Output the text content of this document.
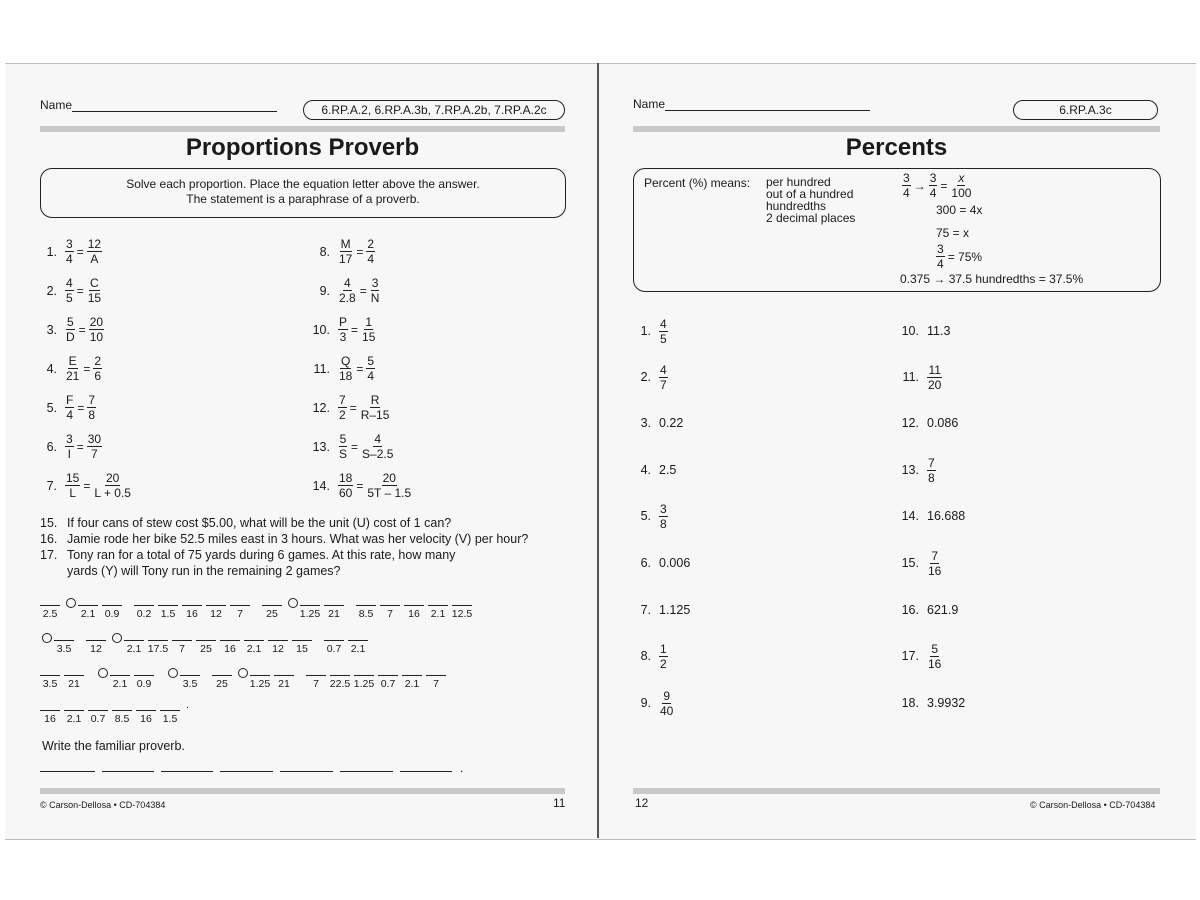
Name	6.RP.A.2, 6.RP.A.3b, 7.RP.A.2b, 7.RP.A.2c
Proportions Proverb
Solve each proportion. Place the equation letter above the answer.
The statement is a paraphrase of a proverb.
1. $\frac{3}{4} = \frac{12}{A}$
2. $\frac{4}{5} = \frac{C}{15}$
3. $\frac{5}{D} = \frac{20}{10}$
4. $\frac{E}{21} = \frac{2}{6}$
5. $\frac{F}{4} = \frac{7}{8}$
6. $\frac{3}{I} = \frac{30}{7}$
7. $\frac{15}{L} = \frac{20}{L + 0.5}$
8. $\frac{M}{17} = \frac{2}{4}$
9. $\frac{4}{2.8} = \frac{3}{N}$
10. $\frac{P}{3} = \frac{1}{15}$
11. $\frac{Q}{18} = \frac{5}{4}$
12. $\frac{7}{2} = \frac{R}{R-15}$
13. $\frac{5}{S} = \frac{4}{S-2.5}$
14. $\frac{18}{60} = \frac{20}{5T - 1.5}$
15. If four cans of stew cost $5.00, what will be the unit (U) cost of 1 can?
16. Jamie rode her bike 52.5 miles east in 3 hours. What was her velocity (V) per hour?
17. Tony ran for a total of 75 yards during 6 games. At this rate, how many
yards (Y) will Tony run in the remaining 2 games?
2.5	2.1 0.9	0.2 1.5	16	12	7	25	1.25 21	8.5	7	16	2.1 12.5
3.5	12	2.1 17.5	7	25	16	2.1	12	15	0.7 2.1
3.5	21	2.1 0.9	3.5	25	1.25 21	7	22.5 1.25 0.7 2.1	7
16	2.1 0.7 8.5	16	1.5
.
Write the familiar proverb.
.
© Carson-Dellosa • CD-704384	11
Name	6.RP.A.3c
Percents
Percent (%) means: per hundred
out of a hundred
hundredths
2 decimal places
$\frac{3}{4} \to \frac{3}{4} = \frac{x}{100}$
300 = 4x
75 = x
$\frac{3}{4} = 75\%$
0.375 → 37.5 hundredths = 37.5%
1. $\frac{4}{5}$
2. $\frac{4}{7}$
3. 0.22
4. 2.5
5. $\frac{3}{8}$
6. 0.006
7. 1.125
8. $\frac{1}{2}$
9. $\frac{9}{40}$
10. 11.3
11. $\frac{11}{20}$
12. 0.086
13. $\frac{7}{8}$
14. 16.688
15. $\frac{7}{16}$
16. 621.9
17. $\frac{5}{16}$
18. 3.9932
12	© Carson-Dellosa • CD-704384
